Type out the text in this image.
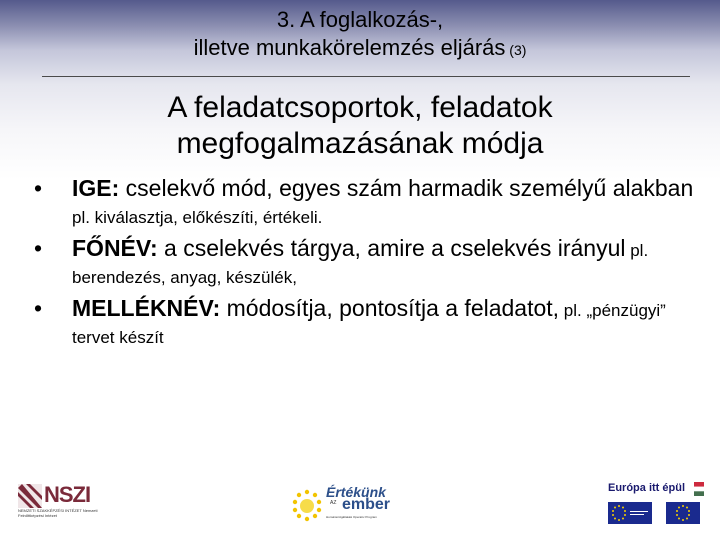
3. A foglalkozás-,
illetve munkakörelemzés eljárás (3)
A feladatcsoportok, feladatok
megfogalmazásának módja
• IGE: cselekvő mód, egyes szám harmadik személyű alakban pl. kiválasztja, előkészíti, értékeli.
• FŐNÉV: a cselekvés tárgya, amire a cselekvés irányul pl. berendezés, anyag, készülék,
• MELLÉKNÉV: módosítja, pontosítja a feladatot, pl. „pénzügyi” tervet készít
NSZI
NEMZETI SZAKKÉPZÉSI INTÉZET Nemzeti Felnőttképzési Intézet
Értékünk
AZ ember
Humánszolgáltatási Operatív Program
Európa itt épül
